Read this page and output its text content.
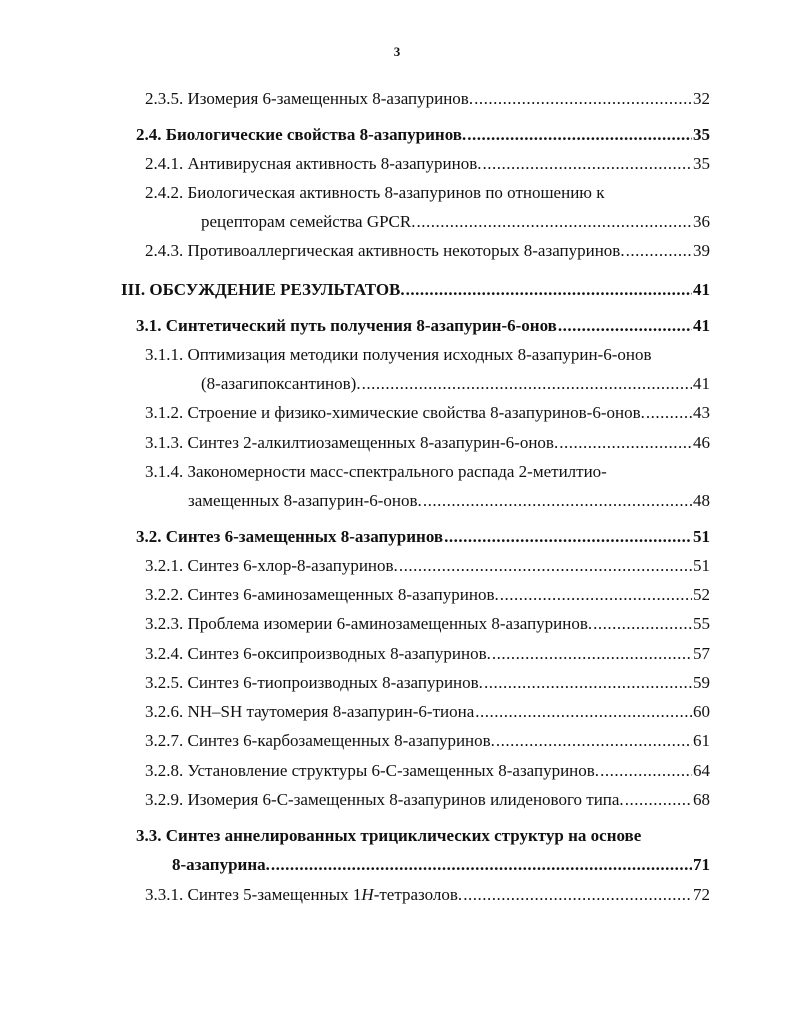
3
2.3.5. Изомерия 6-замещенных 8-азапуринов. .....	32
2.4. Биологические свойства 8-азапуринов. .....	35
2.4.1. Антивирусная активность 8-азапуринов. .....	35
2.4.2. Биологическая активность 8-азапуринов по отношению к
рецепторам семейства GPCR. .....	36
2.4.3. Противоаллергическая активность некоторых 8-азапуринов. .....	39
III. ОБСУЖДЕНИЕ РЕЗУЛЬТАТОВ. .....	41
3.1. Синтетический путь получения 8-азапурин-6-онов .....	41
3.1.1. Оптимизация методики получения исходных 8-азапурин-6-онов
(8-азагипоксантинов). .....	41
3.1.2. Строение и физико-химические свойства 8-азапуринов-6-онов. .....	43
3.1.3. Синтез 2-алкилтиозамещенных 8-азапурин-6-онов. .....	46
3.1.4. Закономерности масс-спектрального распада 2-метилтио-
замещенных 8-азапурин-6-онов. .....	48
3.2. Синтез 6-замещенных 8-азапуринов .....	51
3.2.1. Синтез 6-хлор-8-азапуринов. .....	51
3.2.2. Синтез 6-аминозамещенных 8-азапуринов. .....	52
3.2.3. Проблема изомерии 6-аминозамещенных 8-азапуринов. .....	55
3.2.4. Синтез 6-оксипроизводных 8-азапуринов. .....	57
3.2.5. Синтез 6-тиопроизводных 8-азапуринов. .....	59
3.2.6. NH–SH таутомерия 8-азапурин-6-тиона .....	60
3.2.7. Синтез 6-карбозамещенных 8-азапуринов. .....	61
3.2.8. Установление структуры 6-С-замещенных 8-азапуринов. .....	64
3.2.9. Изомерия 6-С-замещенных 8-азапуринов илиденового типа. .....	68
3.3. Синтез аннелированных трициклических структур на основе
8-азапурина. .....	71
3.3.1. Синтез 5-замещенных 1H-тетразолов. .....	72
